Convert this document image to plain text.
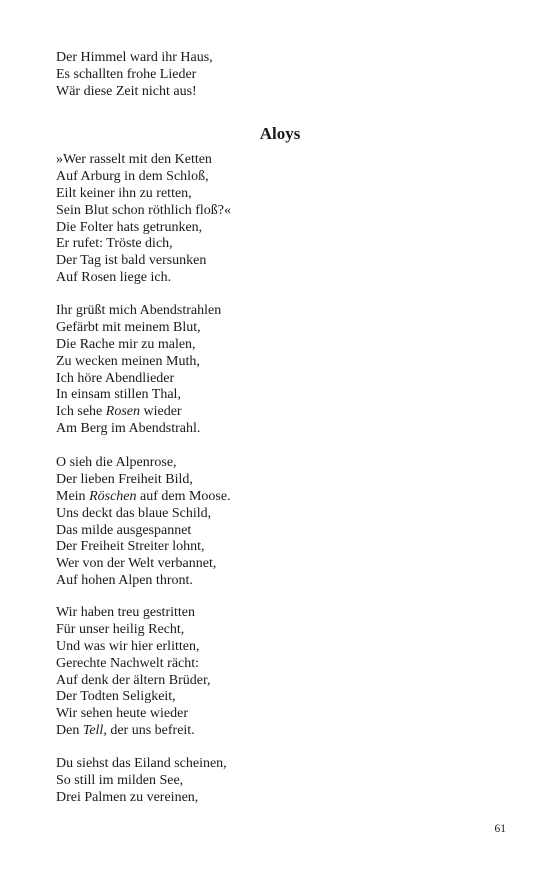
Der Himmel ward ihr Haus,
Es schallten frohe Lieder
Wär diese Zeit nicht aus!
Aloys
»Wer rasselt mit den Ketten
Auf Arburg in dem Schloß,
Eilt keiner ihn zu retten,
Sein Blut schon röthlich floß?«
Die Folter hats getrunken,
Er rufet: Tröste dich,
Der Tag ist bald versunken
Auf Rosen liege ich.
Ihr grüßt mich Abendstrahlen
Gefärbt mit meinem Blut,
Die Rache mir zu malen,
Zu wecken meinen Muth,
Ich höre Abendlieder
In einsam stillen Thal,
Ich sehe Rosen wieder
Am Berg im Abendstrahl.
O sieh die Alpenrose,
Der lieben Freiheit Bild,
Mein Röschen auf dem Moose.
Uns deckt das blaue Schild,
Das milde ausgespannet
Der Freiheit Streiter lohnt,
Wer von der Welt verbannet,
Auf hohen Alpen thront.
Wir haben treu gestritten
Für unser heilig Recht,
Und was wir hier erlitten,
Gerechte Nachwelt rächt:
Auf denk der ältern Brüder,
Der Todten Seligkeit,
Wir sehen heute wieder
Den Tell, der uns befreit.
Du siehst das Eiland scheinen,
So still im milden See,
Drei Palmen zu vereinen,
61
